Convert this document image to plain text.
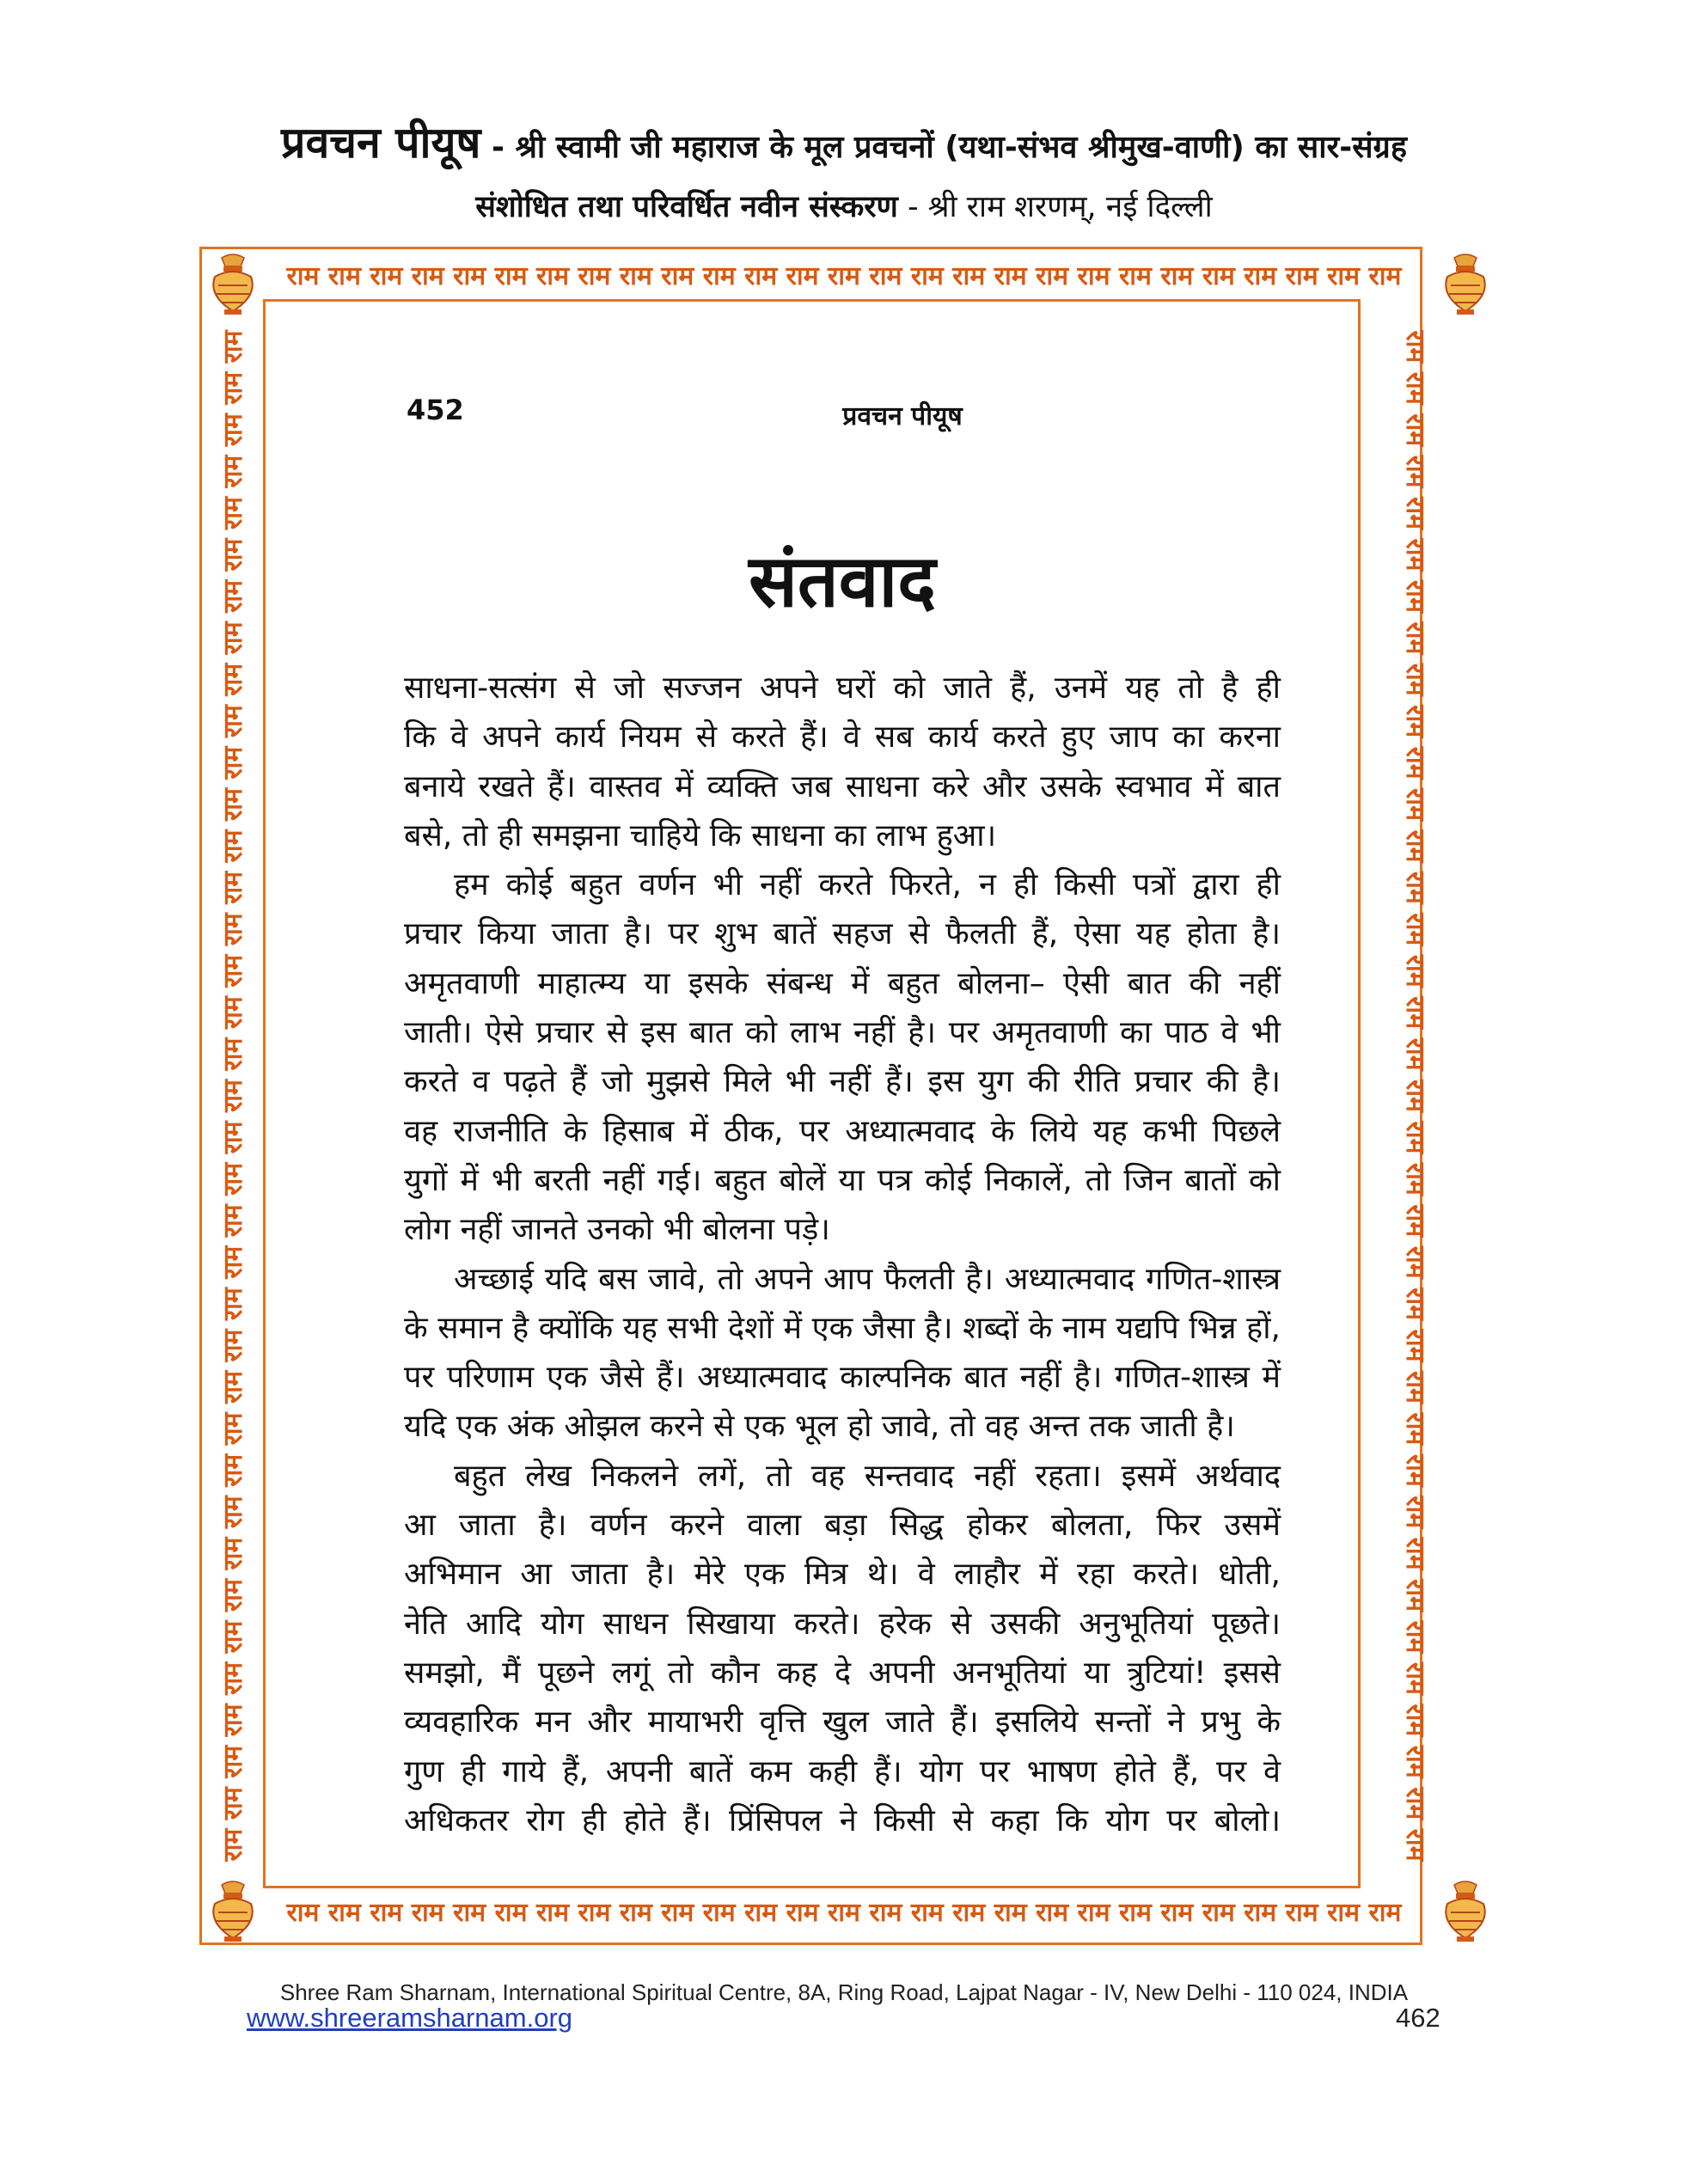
प्रवचन पीयूष - श्री स्वामी जी महाराज के मूल प्रवचनों (यथा-संभव श्रीमुख-वाणी) का सार-संग्रह
संशोधित तथा परिवर्धित नवीन संस्करण - श्री राम शरणम्, नई दिल्ली
राम राम राम राम राम राम राम राम राम राम राम राम राम राम राम राम राम राम राम राम राम राम राम राम राम राम राम
राम राम राम राम राम राम राम राम राम राम राम राम राम राम राम राम राम राम राम राम राम राम राम राम राम राम राम
राम राम राम राम राम राम राम राम राम राम राम राम राम राम राम राम राम राम राम राम राम राम राम राम राम राम राम राम राम राम राम राम राम राम राम राम राम	राम राम राम राम राम राम राम राम राम राम राम राम राम राम राम राम राम राम राम राम राम राम राम राम राम राम राम राम राम राम राम राम राम राम राम राम राम
452	प्रवचन पीयूष
संतवाद
साधना-सत्संग से जो सज्जन अपने घरों को जाते हैं, उनमें यह तो है ही
कि वे अपने कार्य नियम से करते हैं। वे सब कार्य करते हुए जाप का करना
बनाये रखते हैं। वास्तव में व्यक्ति जब साधना करे और उसके स्वभाव में बात
बसे, तो ही समझना चाहिये कि साधना का लाभ हुआ।
हम कोई बहुत वर्णन भी नहीं करते फिरते, न ही किसी पत्रों द्वारा ही
प्रचार किया जाता है। पर शुभ बातें सहज से फैलती हैं, ऐसा यह होता है।
अमृतवाणी माहात्म्य या इसके संबन्ध में बहुत बोलना– ऐसी बात की नहीं
जाती। ऐसे प्रचार से इस बात को लाभ नहीं है। पर अमृतवाणी का पाठ वे भी
करते व पढ़ते हैं जो मुझसे मिले भी नहीं हैं। इस युग की रीति प्रचार की है।
वह राजनीति के हिसाब में ठीक, पर अध्यात्मवाद के लिये यह कभी पिछले
युगों में भी बरती नहीं गई। बहुत बोलें या पत्र कोई निकालें, तो जिन बातों को
लोग नहीं जानते उनको भी बोलना पड़े।
अच्छाई यदि बस जावे, तो अपने आप फैलती है। अध्यात्मवाद गणित-शास्त्र
के समान है क्योंकि यह सभी देशों में एक जैसा है। शब्दों के नाम यद्यपि भिन्न हों,
पर परिणाम एक जैसे हैं। अध्यात्मवाद काल्पनिक बात नहीं है। गणित-शास्त्र में
यदि एक अंक ओझल करने से एक भूल हो जावे, तो वह अन्त तक जाती है।
बहुत लेख निकलने लगें, तो वह सन्तवाद नहीं रहता। इसमें अर्थवाद
आ जाता है। वर्णन करने वाला बड़ा सिद्ध होकर बोलता, फिर उसमें
अभिमान आ जाता है। मेरे एक मित्र थे। वे लाहौर में रहा करते। धोती,
नेति आदि योग साधन सिखाया करते। हरेक से उसकी अनुभूतियां पूछते।
समझो, मैं पूछने लगूं तो कौन कह दे अपनी अनभूतियां या त्रुटियां! इससे
व्यवहारिक मन और मायाभरी वृत्ति खुल जाते हैं। इसलिये सन्तों ने प्रभु के
गुण ही गाये हैं, अपनी बातें कम कही हैं। योग पर भाषण होते हैं, पर वे
अधिकतर रोग ही होते हैं। प्रिंसिपल ने किसी से कहा कि योग पर बोलो।
Shree Ram Sharnam, International Spiritual Centre, 8A, Ring Road, Lajpat Nagar - IV, New Delhi - 110 024, INDIA
www.shreeramsharnam.org	462
